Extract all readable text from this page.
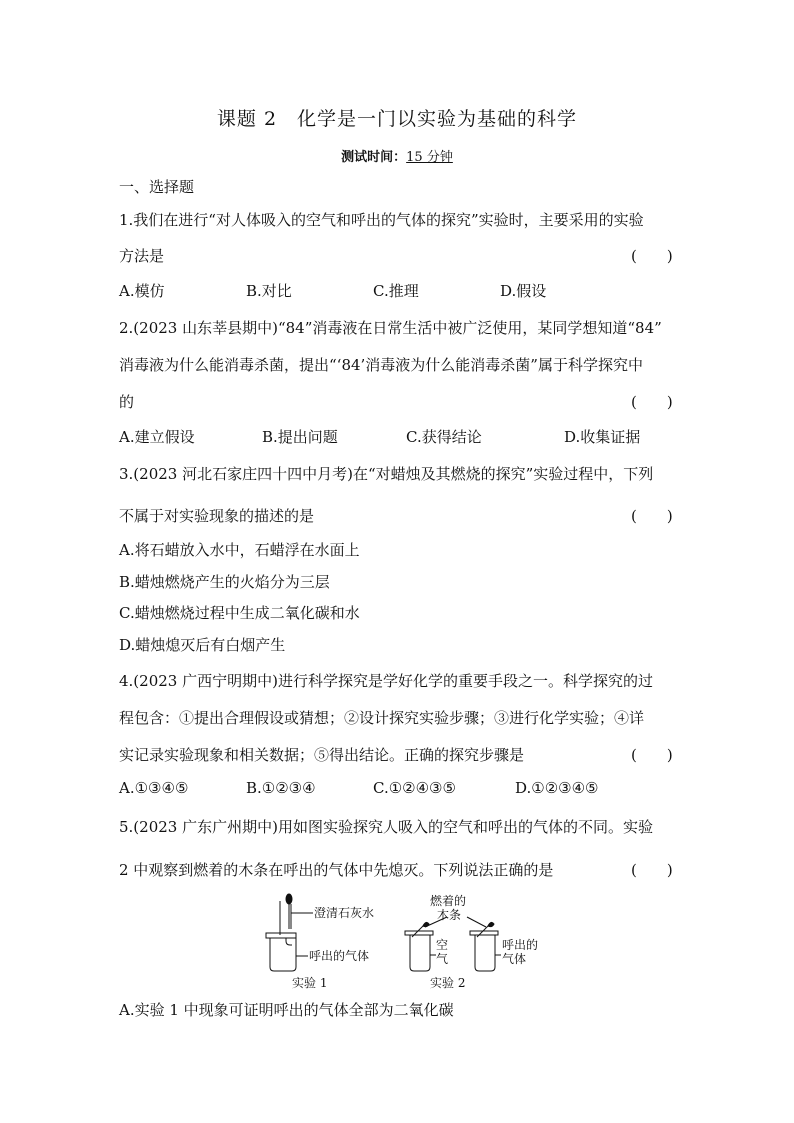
课题 2　化学是一门以实验为基础的科学
测试时间：15 分钟
一、选择题
1.我们在进行“对人体吸入的空气和呼出的气体的探究”实验时，主要采用的实验
方法是	(　　)
A.模仿	B.对比	C.推理	D.假设
2.(2023 山东莘县期中)“84”消毒液在日常生活中被广泛使用，某同学想知道“84”
消毒液为什么能消毒杀菌，提出“‘84’消毒液为什么能消毒杀菌”属于科学探究中
的	(　　)
A.建立假设	B.提出问题	C.获得结论	D.收集证据
3.(2023 河北石家庄四十四中月考)在“对蜡烛及其燃烧的探究”实验过程中，下列
不属于对实验现象的描述的是	(　　)
A.将石蜡放入水中，石蜡浮在水面上
B.蜡烛燃烧产生的火焰分为三层
C.蜡烛燃烧过程中生成二氧化碳和水
D.蜡烛熄灭后有白烟产生
4.(2023 广西宁明期中)进行科学探究是学好化学的重要手段之一。科学探究的过
程包含：①提出合理假设或猜想；②设计探究实验步骤；③进行化学实验；④详
实记录实验现象和相关数据；⑤得出结论。正确的探究步骤是	(　　)
A.①③④⑤	B.①②③④	C.①②④③⑤	D.①②③④⑤
5.(2023 广东广州期中)用如图实验探究人吸入的空气和呼出的气体的不同。实验
2 中观察到燃着的木条在呼出的气体中先熄灭。下列说法正确的是	(　　)
澄清石灰水
呼出的气体
实验 1
燃着的
木条
空
气
呼出的
气体
实验 2
A.实验 1 中现象可证明呼出的气体全部为二氧化碳
